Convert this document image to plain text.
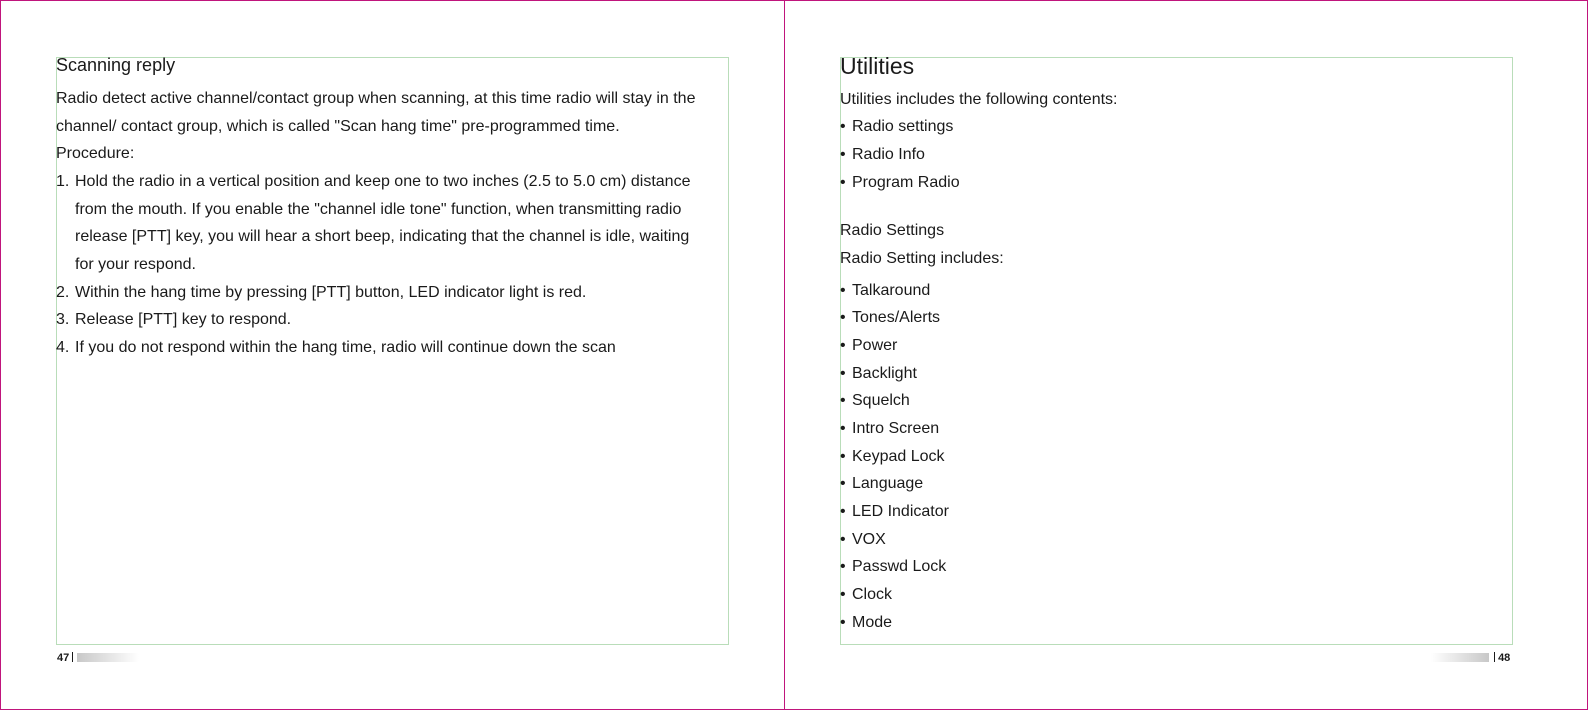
Scanning reply
Radio detect active channel/contact group when scanning, at this time radio will stay in the
channel/ contact group, which is called "Scan hang time" pre-programmed time.
Procedure:
1. Hold the radio in a vertical position and keep one to two inches (2.5 to 5.0 cm) distance
from the mouth. If you enable the "channel idle tone" function, when transmitting radio
release [PTT] key, you will hear a short beep, indicating that the channel is idle, waiting
for your respond.
2. Within the hang time by pressing [PTT] button, LED indicator light is red.
3. Release [PTT] key to respond.
4. If you do not respond within the hang time, radio will continue down the scan
47
Utilities
Utilities includes the following contents:
• Radio settings
• Radio Info
• Program Radio
Radio Settings
Radio Setting includes:
• Talkaround
• Tones/Alerts
• Power
• Backlight
• Squelch
• Intro Screen
• Keypad Lock
• Language
• LED Indicator
• VOX
• Passwd Lock
• Clock
• Mode
48
